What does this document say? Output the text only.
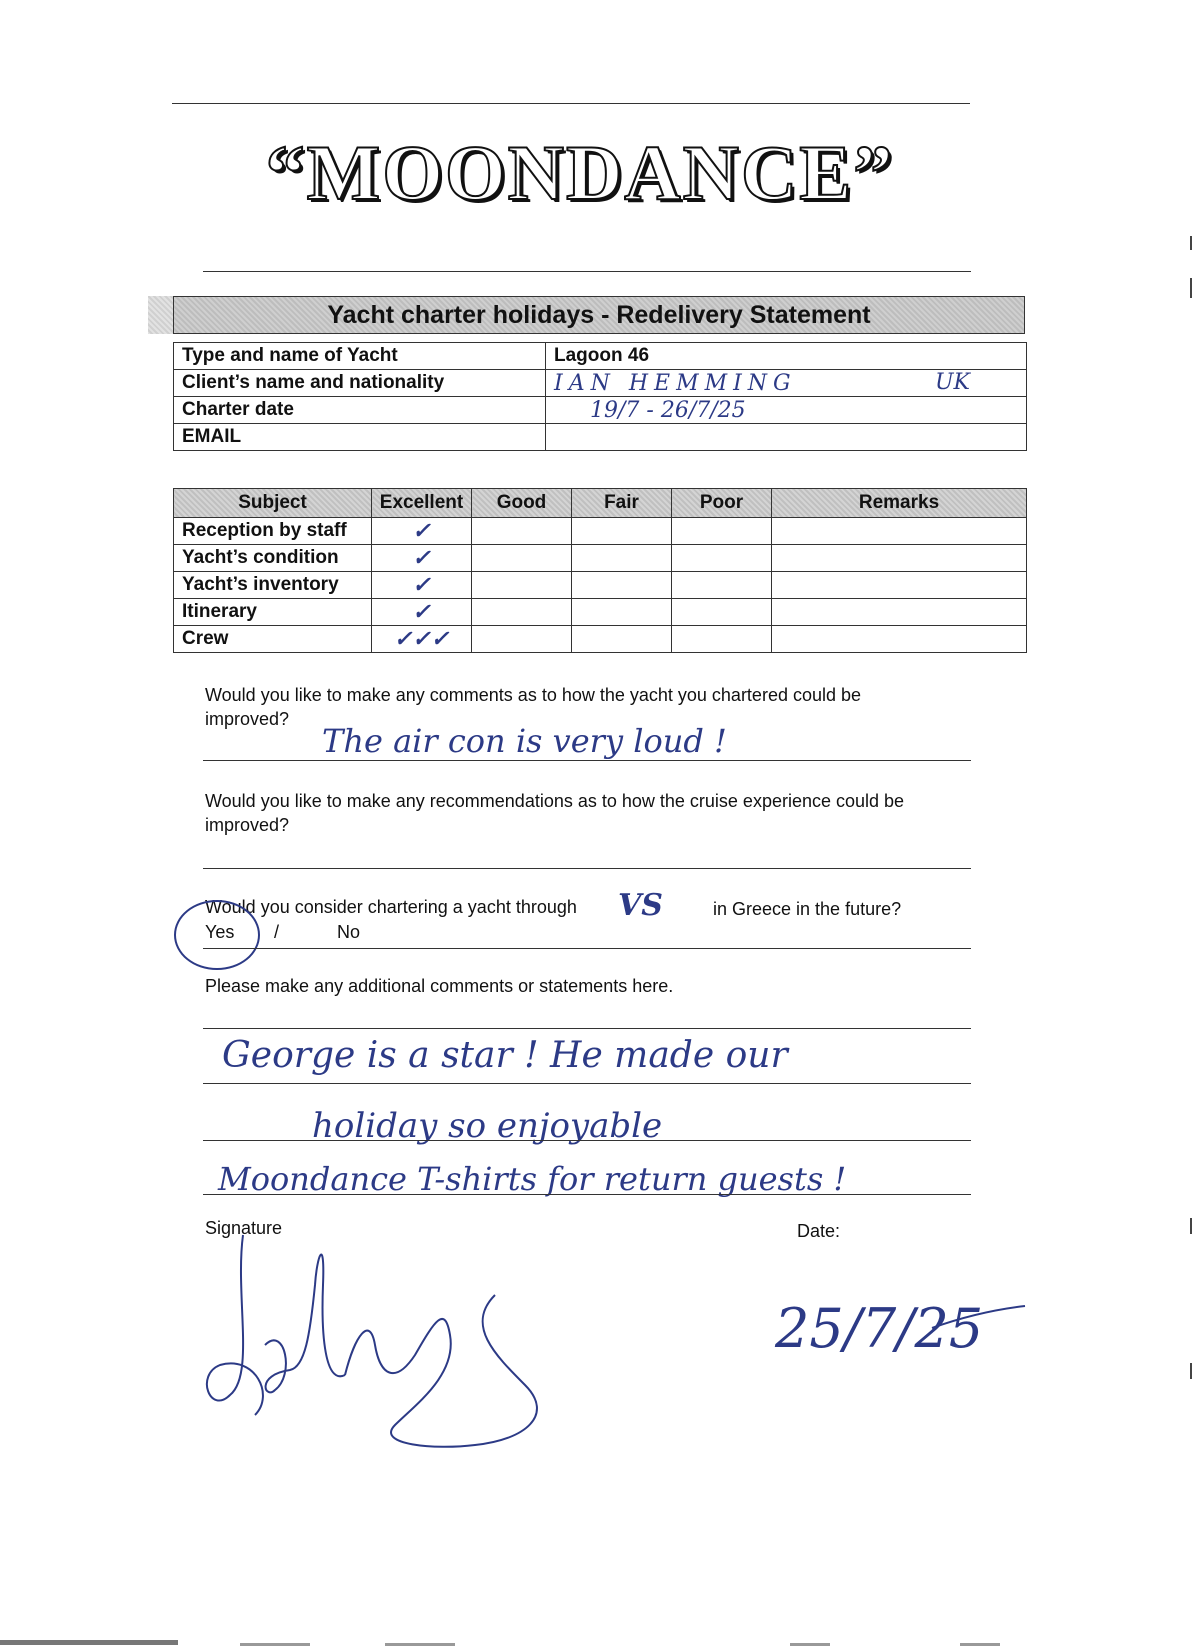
“MOONDANCE”
Yacht charter holidays - Redelivery Statement
Type and name of Yacht	Lagoon 46
Client’s name and nationality	IAN HEMMING UK

Charter date	19/7 - 26/7/25
EMAIL	
Subject	Excellent	Good	Fair	Poor	Remarks
Reception by staff	✓				
Yacht’s condition	✓				
Yacht’s inventory	✓				
Itinerary	✓				
Crew	✓✓✓				
Would you like to make any comments as to how the yacht you chartered could be
improved?
The air con is very loud !
Would you like to make any recommendations as to how the cruise experience could be
improved?
Would you consider chartering a yacht through VS	in Greece in the future?
Yes /	No
Please make any additional comments or statements here.
George is a star ! He made our
holiday so enjoyable
Moondance T-shirts for return guests !
Signature	Date:
25/7/25
